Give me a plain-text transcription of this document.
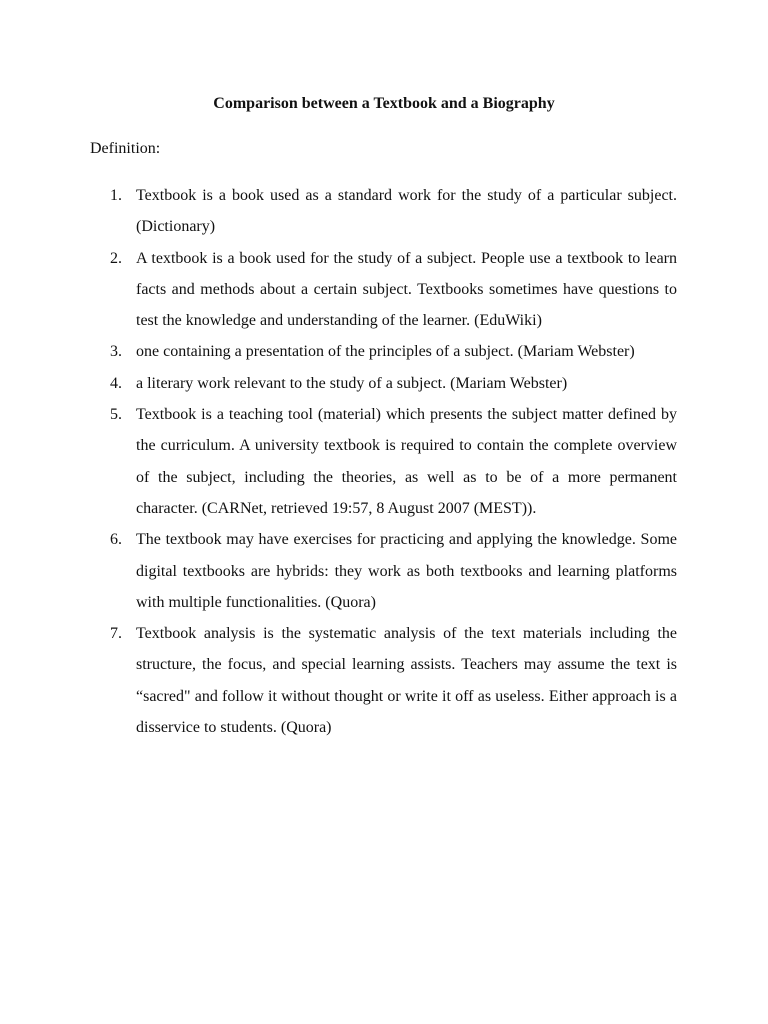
Comparison between a Textbook and a Biography

Definition:

1. Textbook is a book used as a standard work for the study of a particular subject. (Dictionary)
2. A textbook is a book used for the study of a subject. People use a textbook to learn facts and methods about a certain subject. Textbooks sometimes have questions to test the knowledge and understanding of the learner. (EduWiki)
3. one containing a presentation of the principles of a subject. (Mariam Webster)
4. a literary work relevant to the study of a subject. (Mariam Webster)
5. Textbook is a teaching tool (material) which presents the subject matter defined by the curriculum. A university textbook is required to contain the complete overview of the subject, including the theories, as well as to be of a more permanent character. (CARNet, retrieved 19:57, 8 August 2007 (MEST)).
6. The textbook may have exercises for practicing and applying the knowledge. Some digital textbooks are hybrids: they work as both textbooks and learning platforms with multiple functionalities. (Quora)
7. Textbook analysis is the systematic analysis of the text materials including the structure, the focus, and special learning assists. Teachers may assume the text is “sacred" and follow it without thought or write it off as useless. Either approach is a disservice to students. (Quora)
